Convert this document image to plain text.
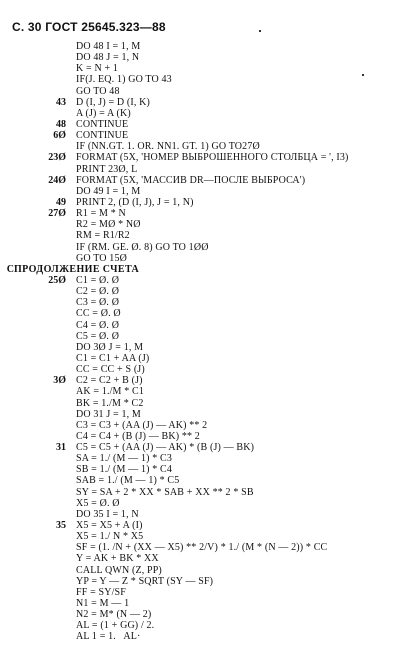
С. 30 ГОСТ 25645.323—88
DO 48 I = 1, M
DO 48 J = 1, N
K = N + 1
IF(J. EQ. 1) GO TO 43
GO TO 48
43 D (I, J) = D (I, K)
A (J) = A (K)
48 CONTINUE
6Ø CONTINUE
IF (NN.GT. 1. OR. NN1. GT. 1) GO TO27Ø
23Ø FORMAT (5X, 'НОМЕР ВЫБРОШЕННОГО СТОЛБЦА = ', I3)
PRINT 23Ø, L
24Ø FORMAT (5X, 'МАССИВ DR—ПОСЛЕ ВЫБРОСА')
DO 49 I = 1, M
49 PRINT 2, (D (I, J), J = 1, N)
27Ø R1 = M * N
R2 = MØ * NØ
RM = R1/R2
IF (RM. GE. Ø. 8) GO TO 1ØØ
GO TO 15Ø
C ПРОДОЛЖЕНИЕ СЧЕТА
25Ø C1 = Ø. Ø
C2 = Ø. Ø
C3 = Ø. Ø
CC = Ø. Ø
C4 = Ø. Ø
C5 = Ø. Ø
DO 3Ø J = 1, M
C1 = C1 + AA (J)
CC = CC + S (J)
3Ø C2 = C2 + B (J)
AK = 1./M * C1
BK = 1./M * C2
DO 31 J = 1, M
C3 = C3 + (AA (J) — AK) ** 2
C4 = C4 + (B (J) — BK) ** 2
31 C5 = C5 + (AA (J) — AK) * (B (J) — BK)
SA = 1./ (M — 1) * C3
SB = 1./ (M — 1) * C4
SAB = 1./ (M — 1) * C5
SY = SA + 2 * XX * SAB + XX ** 2 * SB
X5 = Ø. Ø
DO 35 I = 1, N
35 X5 = X5 + A (I)
X5 = 1./ N * X5
SF = (1. /N + (XX — X5) ** 2/V) * 1./ (M * (N — 2)) * CC
Y = AK + BK * XX
CALL QWN (Z, PP)
YP = Y — Z * SQRT (SY — SF)
FF = SY/SF
N1 = M — 1
N2 = M* (N — 2)
AL = (1 + GG) / 2.
AL 1 = 1.   AL·
